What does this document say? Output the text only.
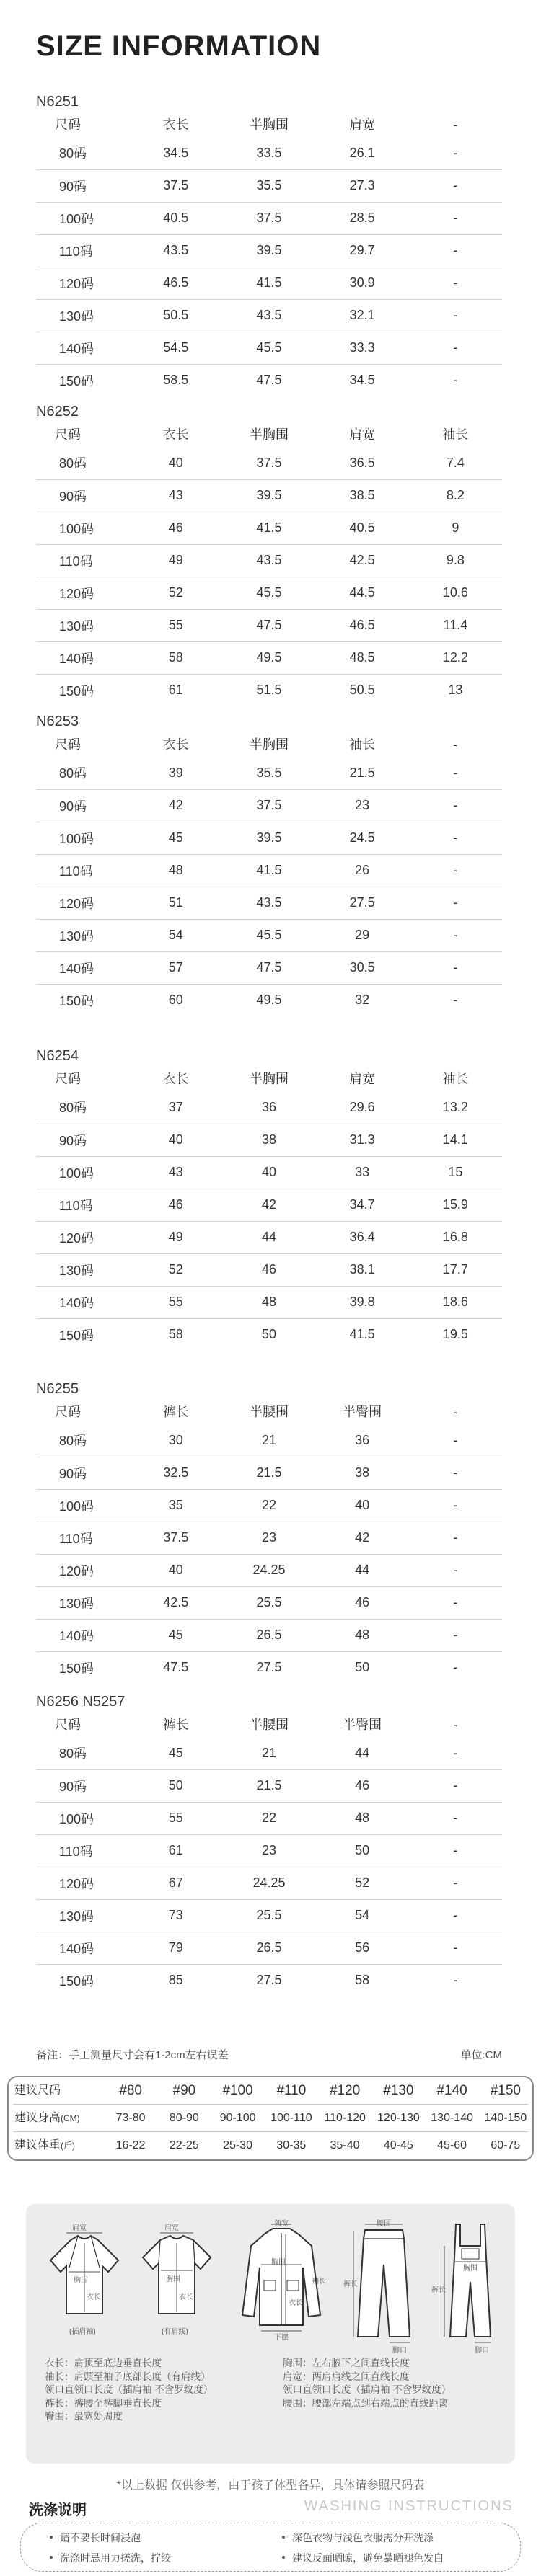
SIZE INFORMATION
N6251
尺码	衣长	半胸围	肩宽	-
80码	34.5	33.5	26.1	-
90码	37.5	35.5	27.3	-
100码	40.5	37.5	28.5	-
110码	43.5	39.5	29.7	-
120码	46.5	41.5	30.9	-
130码	50.5	43.5	32.1	-
140码	54.5	45.5	33.3	-
150码	58.5	47.5	34.5	-
N6252
尺码	衣长	半胸围	肩宽	袖长
80码	40	37.5	36.5	7.4
90码	43	39.5	38.5	8.2
100码	46	41.5	40.5	9
110码	49	43.5	42.5	9.8
120码	52	45.5	44.5	10.6
130码	55	47.5	46.5	11.4
140码	58	49.5	48.5	12.2
150码	61	51.5	50.5	13
N6253
尺码	衣长	半胸围	袖长	-
80码	39	35.5	21.5	-
90码	42	37.5	23	-
100码	45	39.5	24.5	-
110码	48	41.5	26	-
120码	51	43.5	27.5	-
130码	54	45.5	29	-
140码	57	47.5	30.5	-
150码	60	49.5	32	-
N6254
尺码	衣长	半胸围	肩宽	袖长
80码	37	36	29.6	13.2
90码	40	38	31.3	14.1
100码	43	40	33	15
110码	46	42	34.7	15.9
120码	49	44	36.4	16.8
130码	52	46	38.1	17.7
140码	55	48	39.8	18.6
150码	58	50	41.5	19.5
N6255
尺码	裤长	半腰围	半臀围	-
80码	30	21	36	-
90码	32.5	21.5	38	-
100码	35	22	40	-
110码	37.5	23	42	-
120码	40	24.25	44	-
130码	42.5	25.5	46	-
140码	45	26.5	48	-
150码	47.5	27.5	50	-
N6256 N5257
尺码	裤长	半腰围	半臀围	-
80码	45	21	44	-
90码	50	21.5	46	-
100码	55	22	48	-
110码	61	23	50	-
120码	67	24.25	52	-
130码	73	25.5	54	-
140码	79	26.5	56	-
150码	85	27.5	58	-
备注：手工测量尺寸会有1-2cm左右误差	单位:CM
建议尺码	#80	#90	#100	#110	#120	#130	#140	#150
建议身高(CM)	73-80	80-90	90-100	100-110	110-120	120-130 130-140 140-150
建议体重(斤)	16-22	22-25	25-30	30-35	35-40	40-45	45-60	60-75
肩宽
衣长
胸围
(插肩袖)
肩宽
衣长
胸围
(有肩线)
领宽
衣长
胸围
袖长
下摆
腰围
裤长
脚口
胸围
裤长
脚口

衣长：肩顶至底边垂直长度

袖长：肩頭至袖子底部长度（有肩线）

领口直领口长度（插肩袖 不含罗纹度）

裤长：裤腰至裤脚垂直长度

臀围：最宽处周度

胸围：左右腋下之间直线长度

肩宽：两肩肩线之间直线长度

领口直领口长度（插肩袖 不含罗纹度）

腰围：腰部左端点到右端点的直线距离

*以上数据 仅供参考，由于孩子体型各异，具体请参照尺码表
洗涤说明	WASHING INSTRUCTIONS
请不要长时间浸泡	深色衣物与浅色衣服需分开洗涤
洗涤时忌用力搓洗，拧绞	建议反面晒晾，避免暴晒褪色发白
